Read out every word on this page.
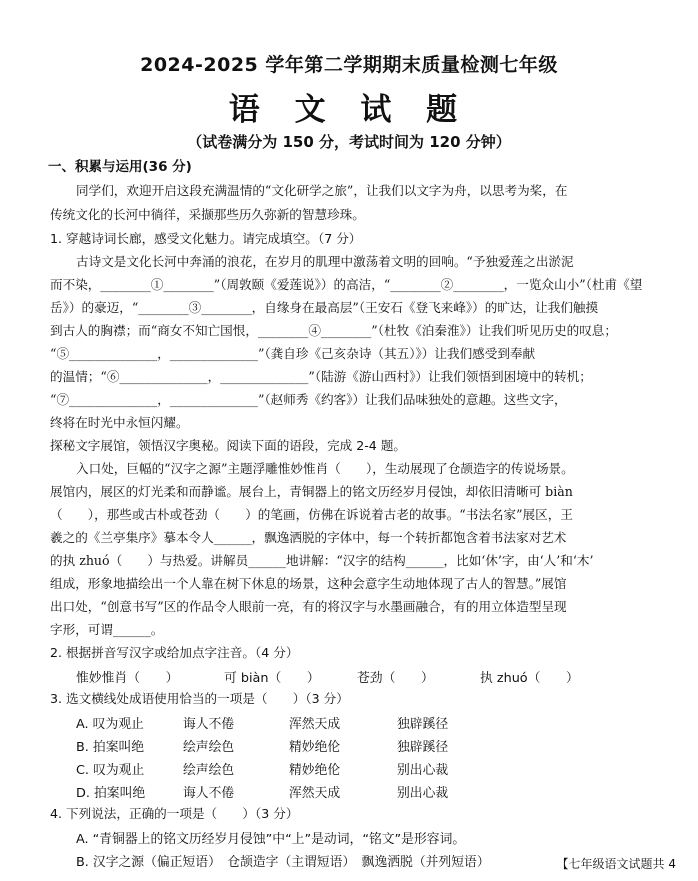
2024-2025 学年第二学期期末质量检测七年级
语 文 试 题
（试卷满分为 150 分，考试时间为 120 分钟）
一、积累与运用(36 分)
同学们，欢迎开启这段充满温情的“文化研学之旅”，让我们以文字为舟，以思考为桨，在
传统文化的长河中徜徉，采撷那些历久弥新的智慧珍珠。
1. 穿越诗词长廊，感受文化魅力。请完成填空。（7 分）
古诗文是文化长河中奔涌的浪花，在岁月的肌理中激荡着文明的回响。“予独爱莲之出淤泥
而不染，________①________”（周敦颐《爱莲说》）的高洁，“________②________，一览众山小”（杜甫《望
岳》）的豪迈，“________③________，自缘身在最高层”（王安石《登飞来峰》）的旷达，让我们触摸
到古人的胸襟；而“商女不知亡国恨，________④________”（杜牧《泊秦淮》）让我们听见历史的叹息；
“⑤______________，______________”（龚自珍《己亥杂诗（其五）》）让我们感受到奉献
的温情；“⑥______________，______________”（陆游《游山西村》）让我们领悟到困境中的转机；
“⑦______________，______________”（赵师秀《约客》）让我们品味独处的意趣。这些文字，
终将在时光中永恒闪耀。
探秘文字展馆，领悟汉字奥秘。阅读下面的语段，完成 2-4 题。
入口处，巨幅的“汉字之源”主题浮雕惟妙惟肖（　　），生动展现了仓颉造字的传说场景。
展馆内，展区的灯光柔和而静谧。展台上，青铜器上的铭文历经岁月侵蚀，却依旧清晰可 biàn
（　　），那些或古朴或苍劲（　　）的笔画，仿佛在诉说着古老的故事。“书法名家”展区，王
羲之的《兰亭集序》摹本令人______，飘逸洒脱的字体中，每一个转折都饱含着书法家对艺术
的执 zhuó（　　）与热爱。讲解员______地讲解：“汉字的结构______，比如‘休’字，由‘人’和‘木’
组成，形象地描绘出一个人靠在树下休息的场景，这种会意字生动地体现了古人的智慧。”展馆
出口处，“创意书写”区的作品令人眼前一亮，有的将汉字与水墨画融合，有的用立体造型呈现
字形，可谓______。
2. 根据拼音写汉字或给加点字注音。（4 分）
惟妙惟肖（　　）	可 biàn（　　）	苍劲（　　）	执 zhuó（　　）
3. 选文横线处成语使用恰当的一项是（　　）（3 分）
A. 叹为观止	诲人不倦	浑然天成	独辟蹊径
B. 拍案叫绝	绘声绘色	精妙绝伦	独辟蹊径
C. 叹为观止	绘声绘色	精妙绝伦	别出心裁
D. 拍案叫绝	诲人不倦	浑然天成	别出心裁
4. 下列说法，正确的一项是（　　）（3 分）
A. “青铜器上的铭文历经岁月侵蚀”中“上”是动词，“铭文”是形容词。
B. 汉字之源（偏正短语）　仓颉造字（主谓短语）　飘逸洒脱（并列短语）	【七年级语文试题共 4
